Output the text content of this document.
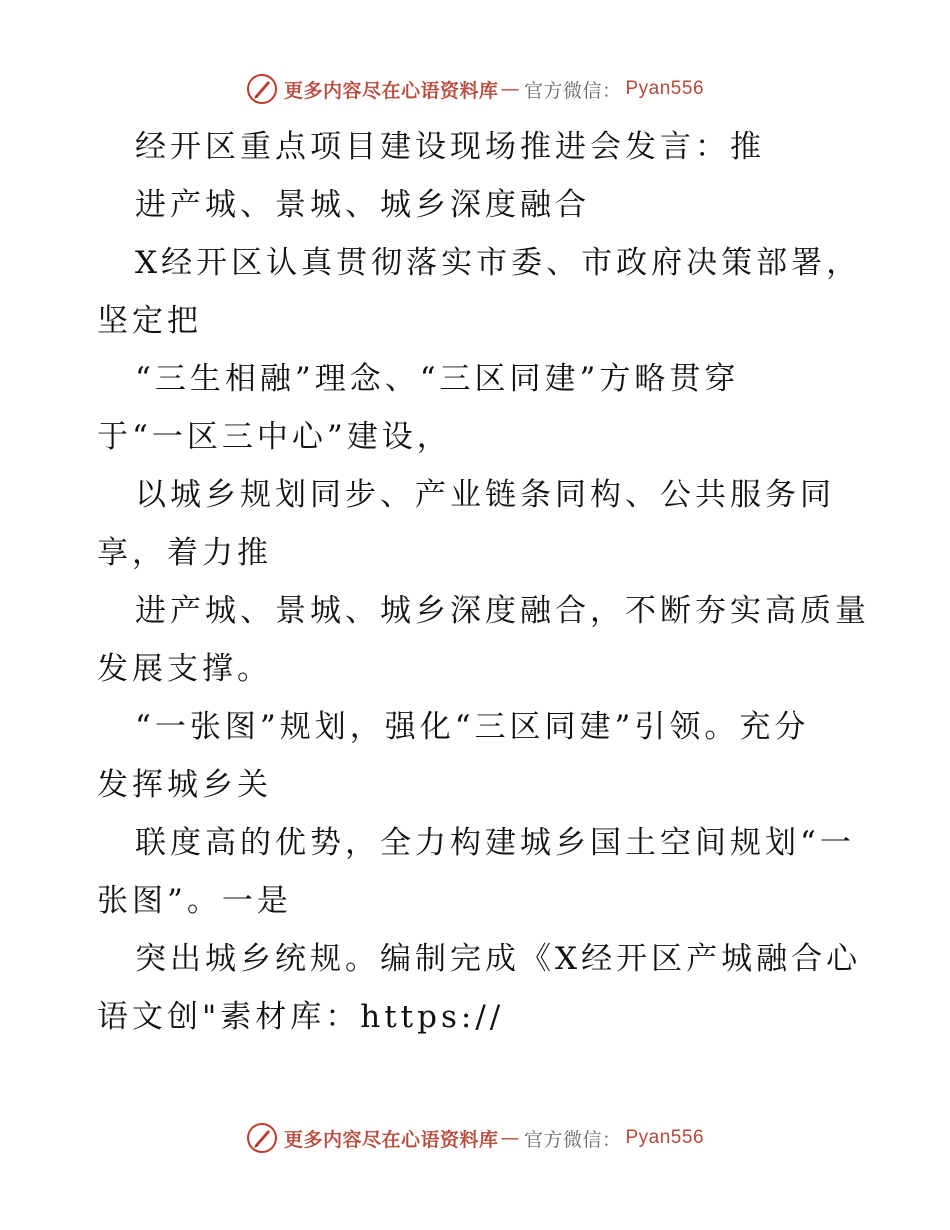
更多内容尽在心语资料库 — 官方微信： Pyan556
经开区重点项目建设现场推进会发言：推
进产城、景城、城乡深度融合
X经开区认真贯彻落实市委、市政府决策部署，
坚定把
“三生相融”理念、“三区同建”方略贯穿
于“一区三中心”建设，
以城乡规划同步、产业链条同构、公共服务同
享，着力推
进产城、景城、城乡深度融合，不断夯实高质量
发展支撑。
“一张图”规划，强化“三区同建”引领。充分
发挥城乡关
联度高的优势，全力构建城乡国土空间规划“一
张图”。一是
突出城乡统规。编制完成《X经开区产城融合心
语文创"素材库：https://
更多内容尽在心语资料库 — 官方微信： Pyan556
